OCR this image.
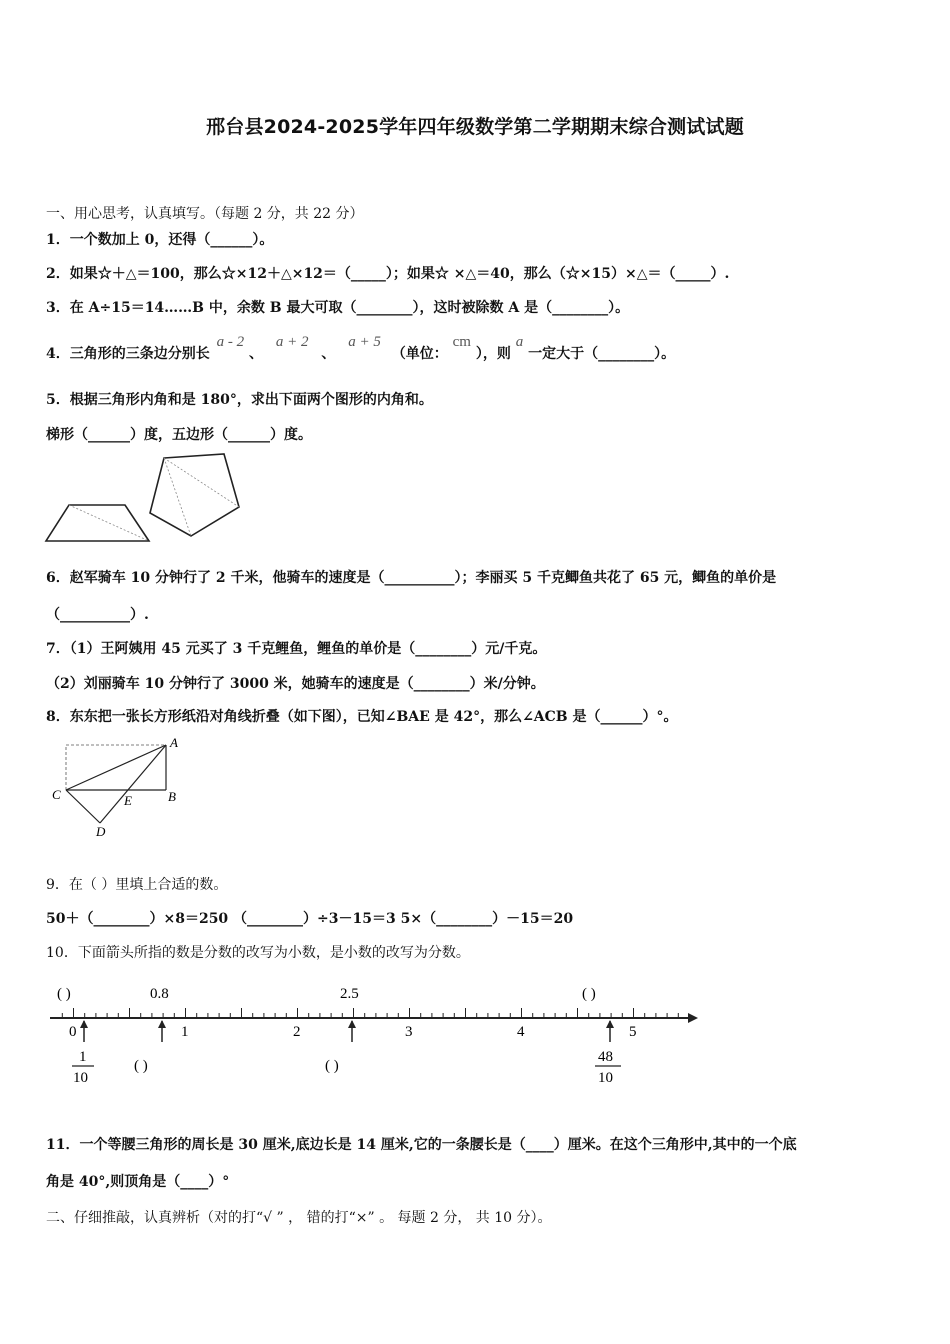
邢台县2024-2025学年四年级数学第二学期期末综合测试试题
一、用心思考，认真填写。（每题 2 分，共 22 分）
1．一个数加上 0，还得（______）。
2．如果☆＋△＝100，那么☆×12＋△×12＝（_____）；如果☆ ×△＝40，那么（☆×15）×△＝（_____）.
3．在 A÷15＝14……B 中，余数 B 最大可取（________），这时被除数 A 是（________）。
4．三角形的三条边分别长 a - 2 、 a + 2 、 a + 5 （单位： cm ），则 a 一定大于（________）。
5．根据三角形内角和是 180°，求出下面两个图形的内角和。
梯形（______）度，五边形（______）度。
6．赵军骑车 10 分钟行了 2 千米，他骑车的速度是（__________）；李丽买 5 千克鲫鱼共花了 65 元，鲫鱼的单价是
（__________）.
7．（1）王阿姨用 45 元买了 3 千克鲤鱼，鲤鱼的单价是（________）元/千克。
（2）刘丽骑车 10 分钟行了 3000 米，她骑车的速度是（________）米/分钟。
8．东东把一张长方形纸沿对角线折叠（如下图），已知∠BAE 是 42°，那么∠ACB 是（______）°。
A
B
C
D
E
9．在（ ）里填上合适的数。
50＋（________）×8＝250 （________）÷3－15＝3 5×（________）－15＝20
10．下面箭头所指的数是分数的改写为小数，是小数的改写为分数。
( )	0.8	2.5	( )
0	1	2	3	4	5
1
10
( )	( )
48
10
11．一个等腰三角形的周长是 30 厘米,底边长是 14 厘米,它的一条腰长是（____）厘米。在这个三角形中,其中的一个底
角是 40°,则顶角是（____）°
二、仔细推敲，认真辨析（对的打“√ ” ， 错的打“×” 。 每题 2 分， 共 10 分）。
